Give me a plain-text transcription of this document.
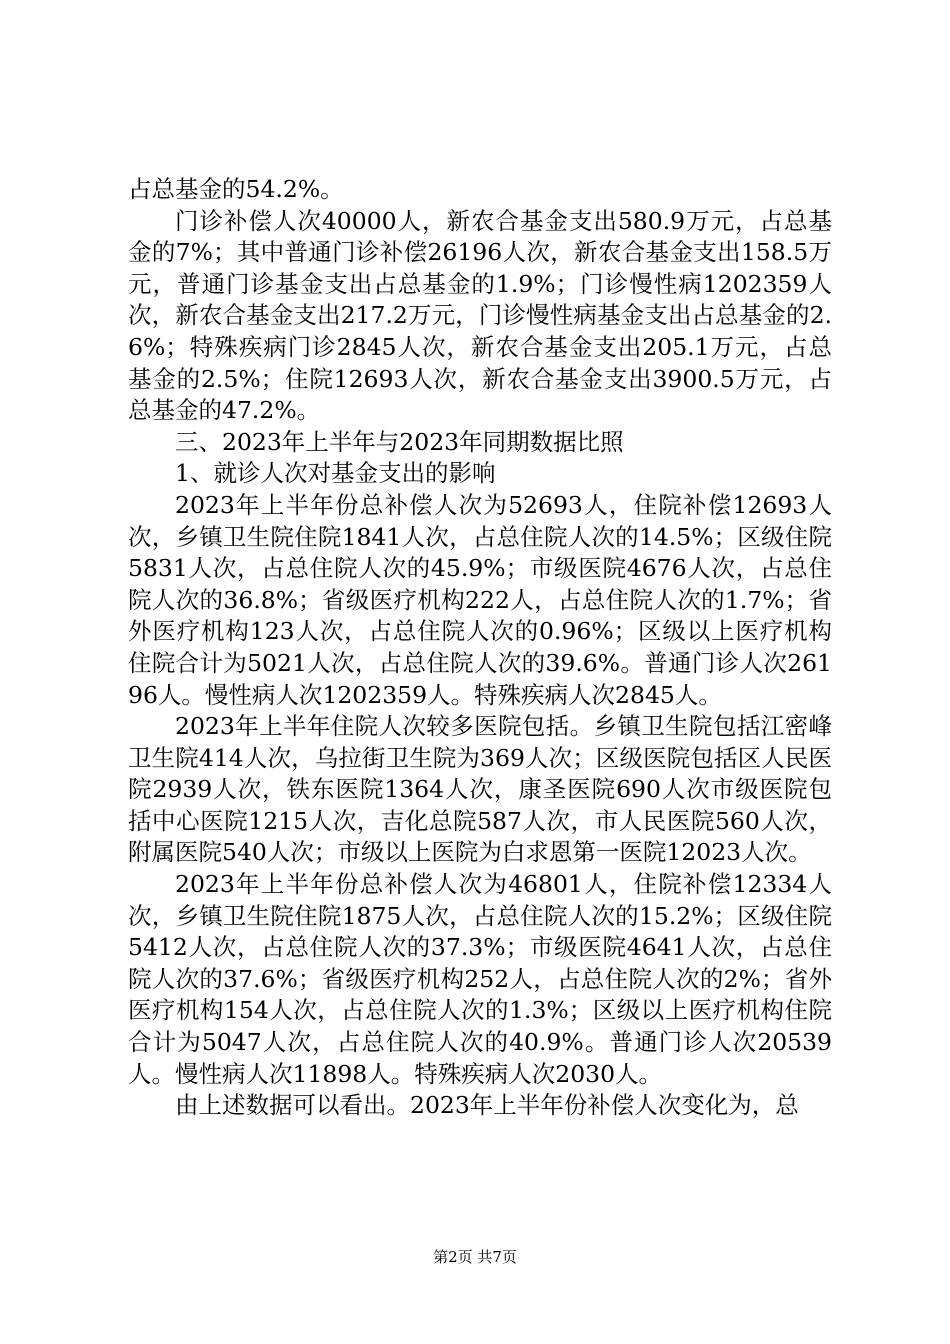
占总基金的54.2%。

门诊补偿人次40000人，新农合基金支出580.9万元，占总基金的7%；其中普通门诊补偿26196人次，新农合基金支出158.5万元，普通门诊基金支出占总基金的1.9%；门诊慢性病1202359人次，新农合基金支出217.2万元，门诊慢性病基金支出占总基金的2.6%；特殊疾病门诊2845人次，新农合基金支出205.1万元，占总基金的2.5%；住院12693人次，新农合基金支出3900.5万元，占总基金的47.2%。

三、2023年上半年与2023年同期数据比照

1、就诊人次对基金支出的影响

2023年上半年份总补偿人次为52693人，住院补偿12693人次，乡镇卫生院住院1841人次，占总住院人次的14.5%；区级住院5831人次，占总住院人次的45.9%；市级医院4676人次，占总住院人次的36.8%；省级医疗机构222人，占总住院人次的1.7%；省外医疗机构123人次，占总住院人次的0.96%；区级以上医疗机构住院合计为5021人次，占总住院人次的39.6%。普通门诊人次26196人。慢性病人次1202359人。特殊疾病人次2845人。

2023年上半年住院人次较多医院包括。乡镇卫生院包括江密峰卫生院414人次，乌拉街卫生院为369人次；区级医院包括区人民医院2939人次，铁东医院1364人次，康圣医院690人次市级医院包括中心医院1215人次，吉化总院587人次，市人民医院560人次，附属医院540人次；市级以上医院为白求恩第一医院12023人次。

2023年上半年份总补偿人次为46801人，住院补偿12334人次，乡镇卫生院住院1875人次，占总住院人次的15.2%；区级住院5412人次，占总住院人次的37.3%；市级医院4641人次，占总住院人次的37.6%；省级医疗机构252人，占总住院人次的2%；省外医疗机构154人次，占总住院人次的1.3%；区级以上医疗机构住院合计为5047人次，占总住院人次的40.9%。普通门诊人次20539人。慢性病人次11898人。特殊疾病人次2030人。

由上述数据可以看出。2023年上半年份补偿人次变化为，总

第2页 共7页
